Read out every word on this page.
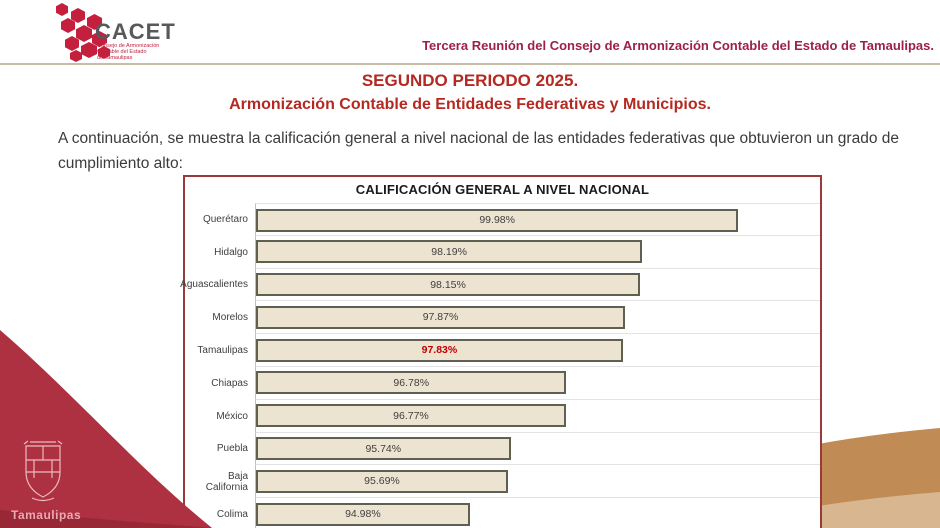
CACET
Consejo de Armonización
Contable del Estado
de Tamaulipas
Tercera Reunión del Consejo de Armonización Contable del Estado de Tamaulipas.
SEGUNDO PERIODO 2025.
Armonización Contable de Entidades Federativas y Municipios.
A continuación, se muestra la calificación general a nivel nacional de las entidades federativas que obtuvieron un grado de cumplimiento alto:
CALIFICACIÓN GENERAL A NIVEL NACIONAL
Querétaro	99.98%
Hidalgo	98.19%
Aguascalientes	98.15%
Morelos	97.87%
Tamaulipas	97.83%
Chiapas	96.78%
México	96.77%
Puebla	95.74%
Baja California	95.69%
Colima	94.98%
Tamaulipas
